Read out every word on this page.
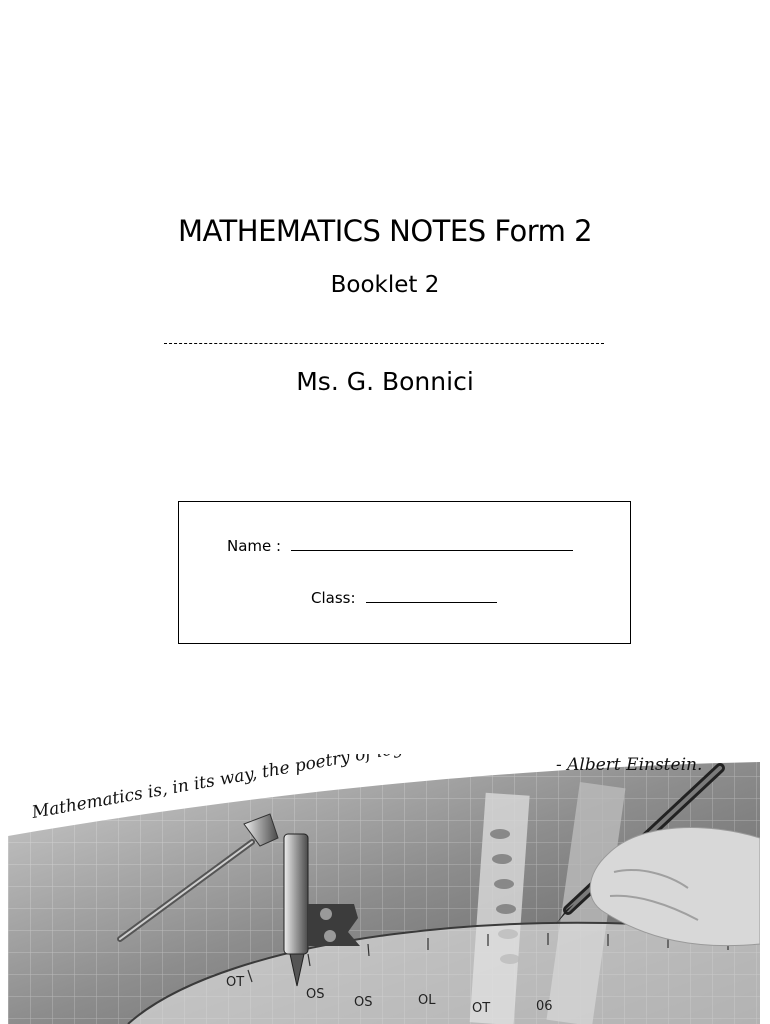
MATHEMATICS NOTES Form 2
Booklet 2
Ms. G. Bonnici
Name :
Class:
OT
OS
OS	OL
OT	06
- Albert Einstein.
